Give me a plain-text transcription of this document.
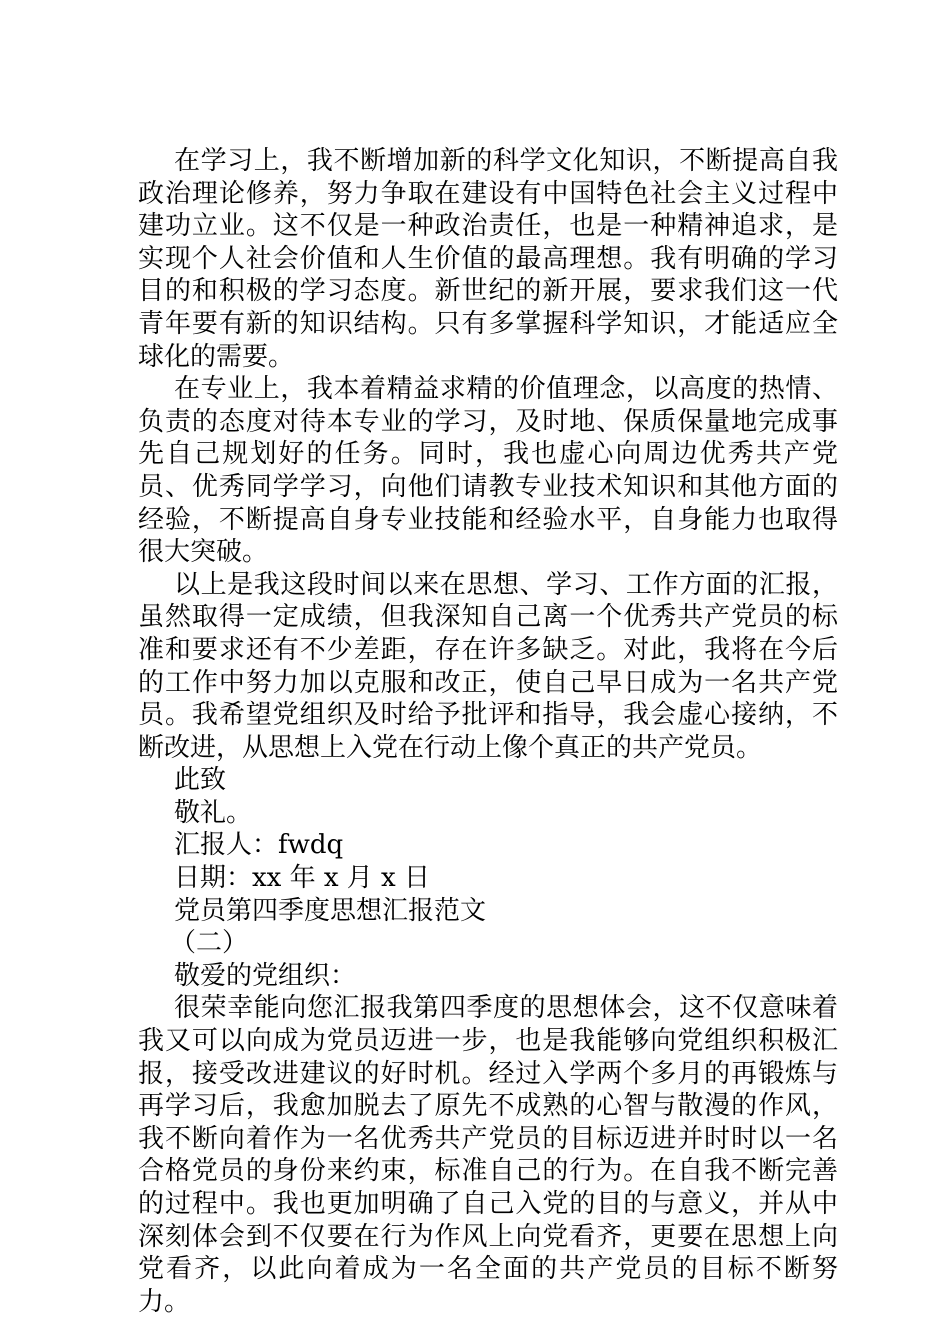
在学习上，我不断增加新的科学文化知识，不断提高自我政治理论修养，努力争取在建设有中国特色社会主义过程中建功立业。这不仅是一种政治责任，也是一种精神追求，是实现个人社会价值和人生价值的最高理想。我有明确的学习目的和积极的学习态度。新世纪的新开展，要求我们这一代青年要有新的知识结构。只有多掌握科学知识，才能适应全球化的需要。

在专业上，我本着精益求精的价值理念，以高度的热情、负责的态度对待本专业的学习，及时地、保质保量地完成事先自己规划好的任务。同时，我也虚心向周边优秀共产党员、优秀同学学习，向他们请教专业技术知识和其他方面的经验，不断提高自身专业技能和经验水平，自身能力也取得很大突破。

以上是我这段时间以来在思想、学习、工作方面的汇报，虽然取得一定成绩，但我深知自己离一个优秀共产党员的标准和要求还有不少差距，存在许多缺乏。对此，我将在今后的工作中努力加以克服和改正，使自己早日成为一名共产党员。我希望党组织及时给予批评和指导，我会虚心接纳，不断改进，从思想上入党在行动上像个真正的共产党员。

此致

敬礼。

汇报人：fwdq

日期：xx 年 x 月 x 日

党员第四季度思想汇报范文

（二）

敬爱的党组织：

很荣幸能向您汇报我第四季度的思想体会，这不仅意味着我又可以向成为党员迈进一步，也是我能够向党组织积极汇报，接受改进建议的好时机。经过入学两个多月的再锻炼与再学习后，我愈加脱去了原先不成熟的心智与散漫的作风，我不断向着作为一名优秀共产党员的目标迈进并时时以一名合格党员的身份来约束，标准自己的行为。在自我不断完善的过程中。我也更加明确了自己入党的目的与意义，并从中深刻体会到不仅要在行为作风上向党看齐，更要在思想上向党看齐，以此向着成为一名全面的共产党员的目标不断努力。
